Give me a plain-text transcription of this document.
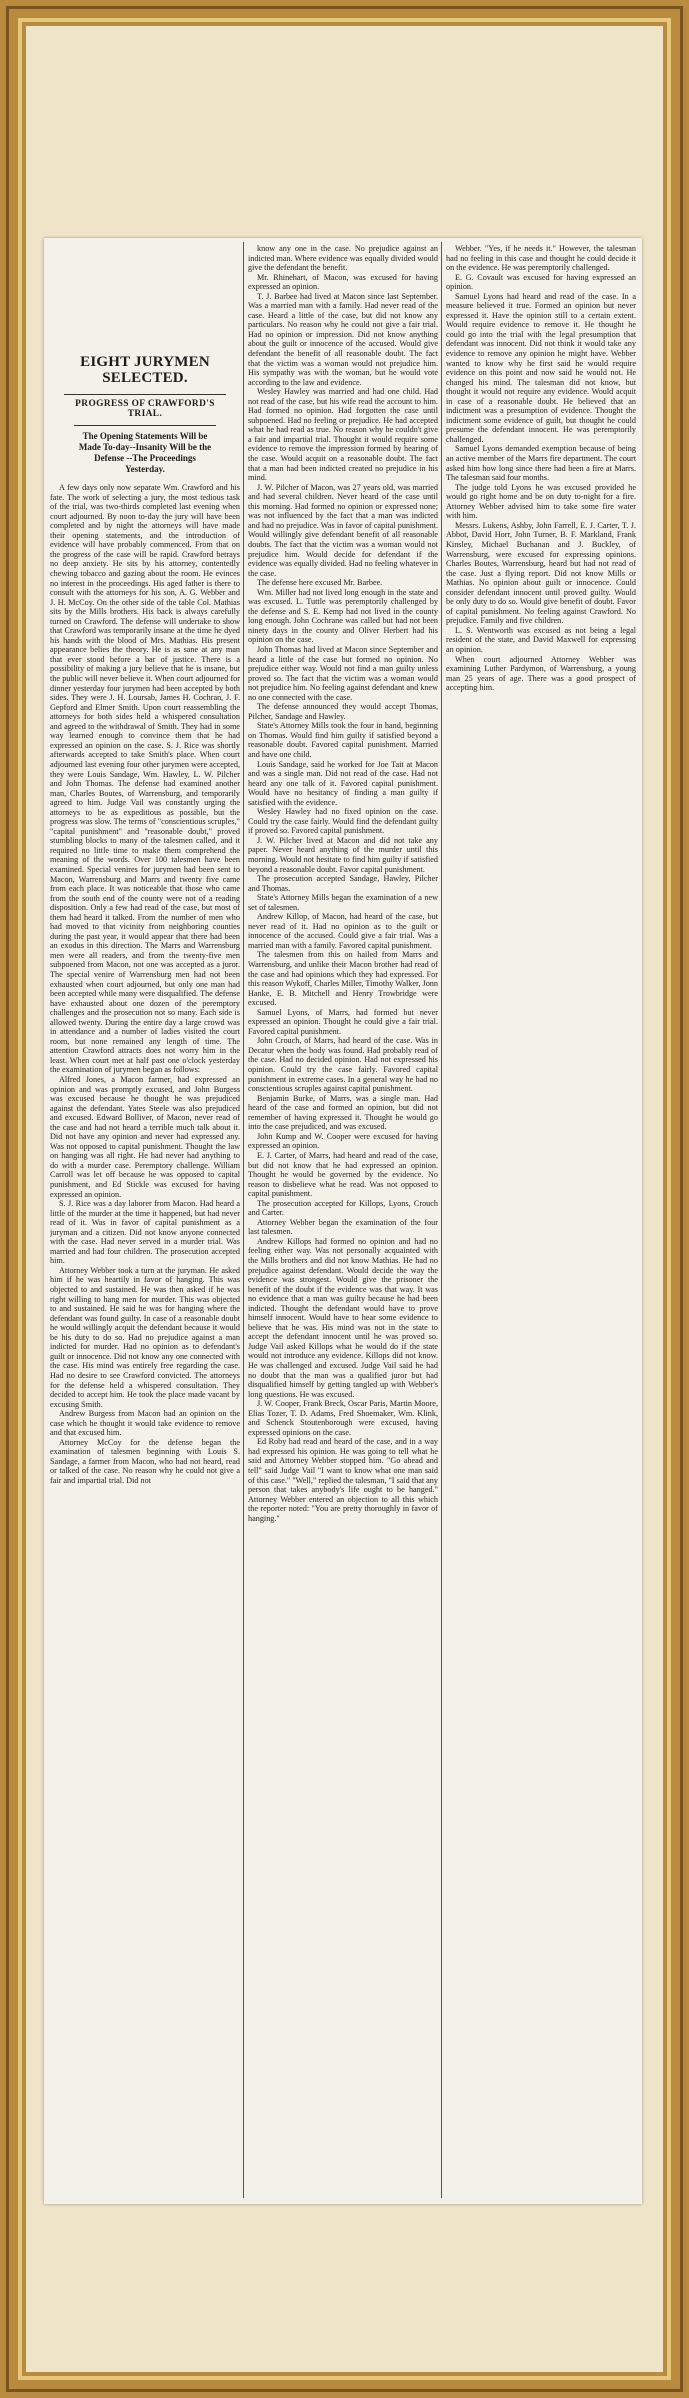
EIGHT JURYMEN SELECTED.
PROGRESS OF CRAWFORD'S TRIAL.
The Opening Statements Will be Made To-day--Insanity Will be the Defense --The Proceedings Yesterday.

A few days only now separate Wm. Crawford and his fate. The work of selecting a jury, the most tedious task of the trial, was two-thirds completed last evening when court adjourned. By noon to-day the jury will have been completed and by night the attorneys will have made their opening statements, and the introduction of evidence will have probably commenced. From that on the progress of the case will be rapid. Crawford betrays no deep anxiety. He sits by his attorney, contentedly chewing tobacco and gazing about the room. He evinces no interest in the proceedings. His aged father is there to consult with the attorneys for his son, A. G. Webber and J. H. McCoy. On the other side of the table Col. Mathias sits by the Mills brothers. His back is always carefully turned on Crawford. The defense will undertake to show that Crawford was temporarily insane at the time he dyed his hands with the blood of Mrs. Mathias. His present appearance belies the theory. He is as sane at any man that ever stood before a bar of justice. There is a possibility of making a jury believe that he is insane, but the public will never believe it. When court adjourned for dinner yesterday four jurymen had been accepted by both sides. They were J. H. Loursab, James H. Cochran, J. F. Gepford and Elmer Smith. Upon court reassembling the attorneys for both sides held a whispered consultation and agreed to the withdrawal of Smith. They had in some way learned enough to convince them that he had expressed an opinion on the case. S. J. Rice was shortly afterwards accepted to take Smith's place. When court adjourned last evening four other jurymen were accepted, they were Louis Sandage, Wm. Hawley, L. W. Pilcher and John Thomas. The defense had examined another man, Charles Boutes, of Warrensburg, and temporarily agreed to him. Judge Vail was constantly urging the attorneys to be as expeditious as possible, but the progress was slow. The terms of "conscientious scruples," "capital punishment" and "reasonable doubt," proved stumbling blocks to many of the talesmen called, and it required no little time to make them comprehend the meaning of the words. Over 100 talesmen have been examined. Special venires for jurymen had been sent to Macon, Warrensburg and Marrs and twenty five came from each place. It was noticeable that those who came from the south end of the county were not of a reading disposition. Only a few had read of the case, but most of them had heard it talked. From the number of men who had moved to that vicinity from neighboring counties during the past year, it would appear that there had been an exodus in this direction. The Marrs and Warrensburg men were all readers, and from the twenty-five men subpoened from Macon, not one was accepted as a juror. The special venire of Warrensburg men had not been exhausted when court adjourned, but only one man had been accepted while many were disqualified. The defense have exhausted about one dozen of the peremptory challenges and the prosecution not so many. Each side is allowed twenty. During the entire day a large crowd was in attendance and a number of ladies visited the court room, but none remained any length of time. The attention Crawford attracts does not worry him in the least. When court met at half past one o'clock yesterday the examination of jurymen began as follows:

Alfred Jones, a Macon farmer, had expressed an opinion and was promptly excused, and John Burgess was excused because he thought he was prejudiced against the defendant. Yates Steele was also prejudiced and excused. Edward Bolliver, of Macon, never read of the case and had not heard a terrible much talk about it. Did not have any opinion and never had expressed any. Was not opposed to capital punishment. Thought the law on hanging was all right. He had never had anything to do with a murder case. Peremptory challenge. William Carroll was let off because he was opposed to capital punishment, and Ed Stickle was excused for having expressed an opinion.

S. J. Rice was a day laborer from Macon. Had heard a little of the murder at the time it happened, but had never read of it. Was in favor of capital punishment as a juryman and a citizen. Did not know anyone connected with the case. Had never served in a murder trial. Was married and had four children. The prosecution accepted him.

Attorney Webber took a turn at the juryman. He asked him if he was heartily in favor of hanging. This was objected to and sustained. He was then asked if he was right willing to hang men for murder. This was objected to and sustained. He said he was for hanging where the defendant was found guilty. In case of a reasonable doubt he would willingly acquit the defendant because it would be his duty to do so. Had no prejudice against a man indicted for murder. Had no opinion as to defendant's guilt or innocence. Did not know any one connected with the case. His mind was entirely free regarding the case. Had no desire to see Crawford convicted. The attorneys for the defense held a whispered consultation. They decided to accept him. He took the place made vacant by excusing Smith.

Andrew Burgess from Macon had an opinion on the case which he thought it would take evidence to remove and that excused him.

Attorney McCoy for the defense began the examination of talesmen beginning with Louis S. Sandage, a farmer from Macon, who had not heard, read or talked of the case. No reason why he could not give a fair and impartial trial. Did not

know any one in the case. No prejudice against an indicted man. Where evidence was equally divided would give the defendant the benefit.

Mr. Rhinehart, of Macon, was excused for having expressed an opinion.

T. J. Barbee had lived at Macon since last September. Was a married man with a family. Had never read of the case. Heard a little of the case, but did not know any particulars. No reason why he could not give a fair trial. Had no opinion or impression. Did not know anything about the guilt or innocence of the accused. Would give defendant the benefit of all reasonable doubt. The fact that the victim was a woman would not prejudice him. His sympathy was with the woman, but he would vote according to the law and evidence.

Wesley Hawley was married and had one child. Had not read of the case, but his wife read the account to him. Had formed no opinion. Had forgotten the case until subpoened. Had no feeling or prejudice. He had accepted what he had read as true. No reason why he couldn't give a fair and impartial trial. Thought it would require some evidence to remove the impression formed by hearing of the case. Would acquit on a reasonable doubt. The fact that a man had been indicted created no prejudice in his mind.

J. W. Pilcher of Macon, was 27 years old, was married and had several children. Never heard of the case until this morning. Had formed no opinion or expressed none; was not influenced by the fact that a man was indicted and had no prejudice. Was in favor of capital punishment. Would willingly give defendant benefit of all reasonable doubts. The fact that the victim was a woman would not prejudice him. Would decide for defendant if the evidence was equally divided. Had no feeling whatever in the case.

The defense here excused Mr. Barbee.

Wm. Miller had not lived long enough in the state and was excused. L. Tuttle was peremptorily challenged by the defense and S. E. Kemp had not lived in the county long enough. John Cochrane was called but had not been ninety days in the county and Oliver Herbert had his opinion on the case.

John Thomas had lived at Macon since September and heard a little of the case but formed no opinion. No prejudice either way. Would not find a man guilty unless proved so. The fact that the victim was a woman would not prejudice him. No feeling against defendant and knew no one connected with the case.

The defense announced they would accept Thomas, Pilcher, Sandage and Hawley.

State's Attorney Mills took the four in hand, beginning on Thomas. Would find him guilty if satisfied beyond a reasonable doubt. Favored capital punishment. Married and have one child.

Louis Sandage, said he worked for Joe Tait at Macon and was a single man. Did not read of the case. Had not heard any one talk of it. Favored capital punishment. Would have no hesitancy of finding a man guilty if satisfied with the evidence.

Wesley Hawley had no fixed opinion on the case. Could try the case fairly. Would find the defendant guilty if proved so. Favored capital punishment.

J. W. Pilcher lived at Macon and did not take any paper. Never heard anything of the murder until this morning. Would not hesitate to find him guilty if satisfied beyond a reasonable doubt. Favor capital punishment.

The prosecution accepted Sandage, Hawley, Pilcher and Thomas.

State's Attorney Mills began the examination of a new set of talesmen.

Andrew Killop, of Macon, had heard of the case, but never read of it. Had no opinion as to the guilt or innocence of the accused. Could give a fair trial. Was a married man with a family. Favored capital punishment.

The talesmen from this on hailed from Marrs and Warrensburg, and unlike their Macon brother had read of the case and had opinions which they had expressed. For this reason Wykoff, Charles Miller, Timothy Walker, Jonn Hanke, E. B. Mitchell and Henry Trowbridge were excused.

Samuel Lyons, of Marrs, had formed but never expressed an opinion. Thought he could give a fair trial. Favored capital punishment.

John Crouch, of Marrs, had heard of the case. Was in Decatur when the body was found. Had probably read of the case. Had no decided opinion. Had not expressed his opinion. Could try the case fairly. Favored capital punishment in extreme cases. In a general way he had no conscientious scruples against capital punishment.

Benjamin Burke, of Marrs, was a single man. Had heard of the case and formed an opinion, but did not remember of having expressed it. Thought he would go into the case prejudiced, and was excused.

John Kump and W. Cooper were excused for having expressed an opinion.

E. J. Carter, of Marrs, had heard and read of the case, but did not know that he had expressed an opinion. Thought he would be governed by the evidence. No reason to disbelieve what he read. Was not opposed to capital punishment.

The prosecution accepted for Killops, Lyons, Crouch and Carter.

Attorney Webber began the examination of the four last talesmen.

Andrew Killops had formed no opinion and had no feeling either way. Was not personally acquainted with the Mills brothers and did not know Mathias. He had no prejudice against defendant. Would decide the way the evidence was strongest. Would give the prisoner the benefit of the doubt if the evidence was that way. It was no evidence that a man was guilty because he had been indicted. Thought the defendant would have to prove himself innocent. Would have to hear some evidence to believe that he was. His mind was not in the state to accept the defendant innocent until he was proved so. Judge Vail asked Killops what he would do if the state would not introduce any evidence. Killops did not know. He was challenged and excused. Judge Vail said he had no doubt that the man was a qualified juror but had disqualified himself by getting tangled up with Webber's long questions. He was excused.

J. W. Cooper, Frank Breck, Oscar Paris, Martin Moore, Elias Tozer, T. D. Adams, Fred Shoemaker, Wm. Klink, and Schenck Stoutenborough were excused, having expressed opinions on the case.

Ed Roby had read and heard of the case, and in a way had expressed his opinion. He was going to tell what he said and Attorney Webber stopped him. "Go ahead and tell" said Judge Vail "I want to know what one man said of this case." "Well," replied the talesman, "I said that any person that takes anybody's life ought to be hanged." Attorney Webber entered an objection to all this which the reporter noted: "You are pretty thoroughly in favor of hanging."

Webber. "Yes, if he needs it." However, the talesman had no feeling in this case and thought he could decide it on the evidence. He was peremptorily challenged.

E. G. Covault was excused for having expressed an opinion.

Samuel Lyons had heard and read of the case. In a measure believed it true. Formed an opinion but never expressed it. Have the opinion still to a certain extent. Would require evidence to remove it. He thought he could go into the trial with the legal presumption that defendant was innocent. Did not think it would take any evidence to remove any opinion he might have. Webber wanted to know why he first said he would require evidence on this point and now said he would not. He changed his mind. The talesman did not know, but thought it would not require any evidence. Would acquit in case of a reasonable doubt. He believed that an indictment was a presumption of evidence. Thought the indictment some evidence of guilt, but thought he could presume the defendant innocent. He was peremptorily challenged.

Samuel Lyons demanded exemption because of being an active member of the Marrs fire department. The court asked him how long since there had been a fire at Marrs. The talesman said four months.

The judge told Lyons he was excused provided he would go right home and be on duty to-night for a fire. Attorney Webber advised him to take some fire water with him.

Messrs. Lukens, Ashby, John Farrell, E. J. Carter, T. J. Abbot, David Horr, John Turner, B. F. Markland, Frank Kinsley, Michael Buchanan and J. Buckley, of Warrensburg, were excused for expressing opinions. Charles Boutes, Warrensburg, heard but had not read of the case. Just a flying report. Did not know Mills or Mathias. No opinion about guilt or innocence. Could consider defendant innocent until proved guilty. Would be only duty to do so. Would give benefit of doubt. Favor of capital punishment. No feeling against Crawford. No prejudice. Family and five children.

L. S. Wentworth was excused as not being a legal resident of the state, and David Maxwell for expressing an opinion.

When court adjourned Attorney Webber was examining Luther Pardymon, of Warrensburg, a young man 25 years of age. There was a good prospect of accepting him.
